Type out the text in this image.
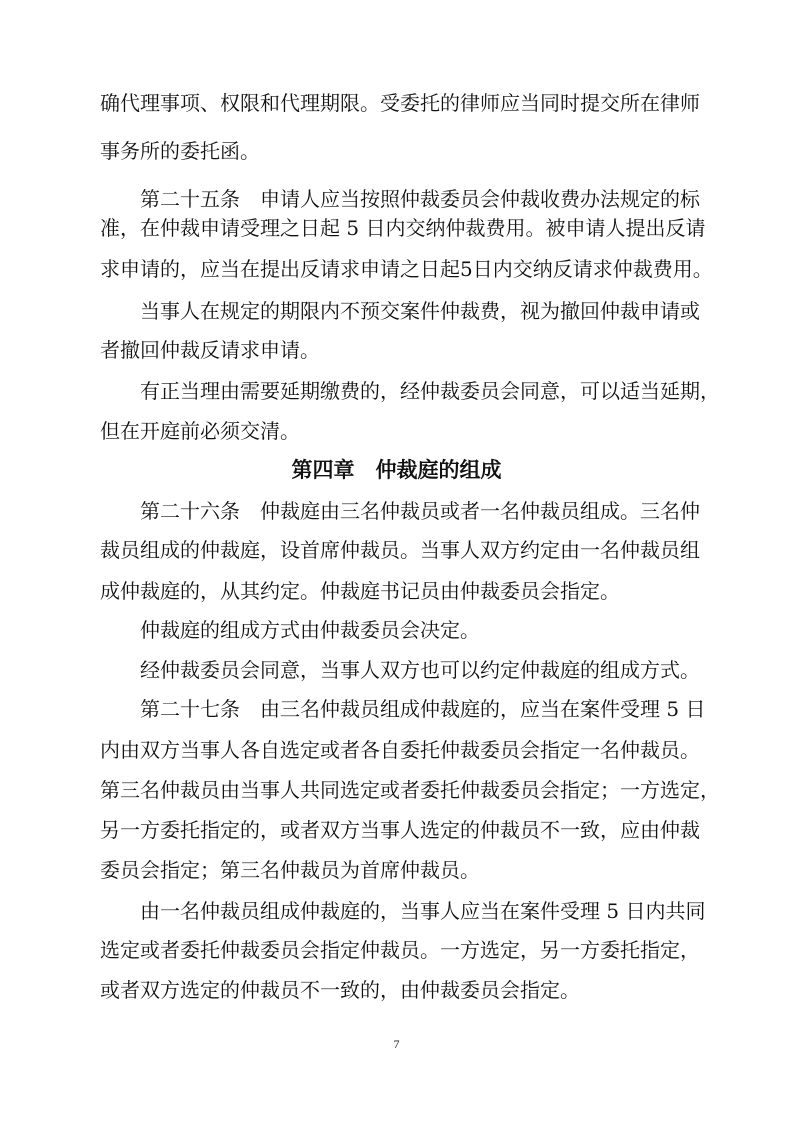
确代理事项、权限和代理期限。受委托的律师应当同时提交所在律师
事务所的委托函。
第二十五条　申请人应当按照仲裁委员会仲裁收费办法规定的标
准，在仲裁申请受理之日起 5 日内交纳仲裁费用。被申请人提出反请
求申请的，应当在提出反请求申请之日起5日内交纳反请求仲裁费用。
当事人在规定的期限内不预交案件仲裁费，视为撤回仲裁申请或
者撤回仲裁反请求申请。
有正当理由需要延期缴费的，经仲裁委员会同意，可以适当延期，
但在开庭前必须交清。
第四章　仲裁庭的组成
第二十六条　仲裁庭由三名仲裁员或者一名仲裁员组成。三名仲
裁员组成的仲裁庭，设首席仲裁员。当事人双方约定由一名仲裁员组
成仲裁庭的，从其约定。仲裁庭书记员由仲裁委员会指定。
仲裁庭的组成方式由仲裁委员会决定。
经仲裁委员会同意，当事人双方也可以约定仲裁庭的组成方式。
第二十七条　由三名仲裁员组成仲裁庭的，应当在案件受理 5 日
内由双方当事人各自选定或者各自委托仲裁委员会指定一名仲裁员。
第三名仲裁员由当事人共同选定或者委托仲裁委员会指定；一方选定，
另一方委托指定的，或者双方当事人选定的仲裁员不一致，应由仲裁
委员会指定；第三名仲裁员为首席仲裁员。
由一名仲裁员组成仲裁庭的，当事人应当在案件受理 5 日内共同
选定或者委托仲裁委员会指定仲裁员。一方选定，另一方委托指定，
或者双方选定的仲裁员不一致的，由仲裁委员会指定。
7
